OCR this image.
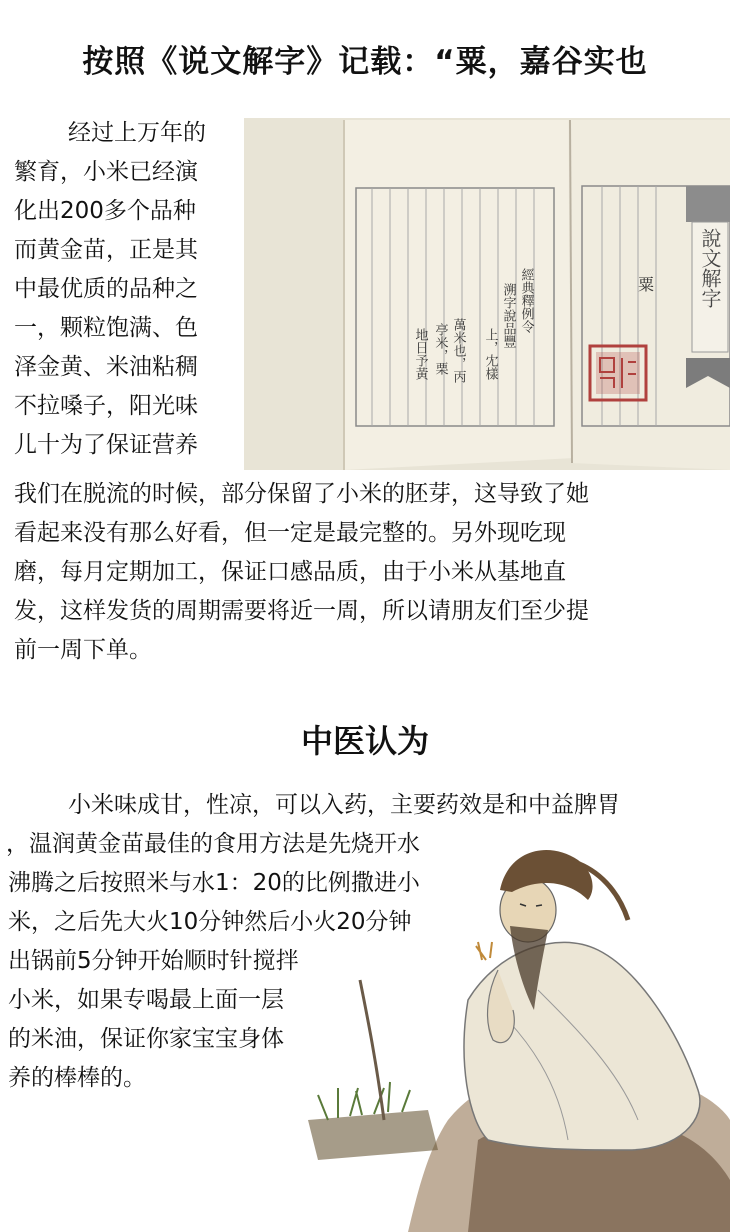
按照《说文解字》记载：“粟，嘉谷实也
經典釋例令
溯字說品豐
上，冘樣
萬米也，丙
亭米，栗
地日予黃
說文解字
粟
经过上万年的
繁育，小米已经演
化出200多个品种
而黄金苗，正是其
中最优质的品种之
一，颗粒饱满、色
泽金黄、米油粘稠
不拉嗓子，阳光味
儿十为了保证营养
我们在脱流的时候，部分保留了小米的胚芽，这导致了她
看起来没有那么好看，但一定是最完整的。另外现吃现
磨，每月定期加工，保证口感品质，由于小米从基地直
发，这样发货的周期需要将近一周，所以请朋友们至少提
前一周下单。
中医认为
小米味成甘，性凉，可以入药，主要药效是和中益脾胃
，温润黄金苗最佳的食用方法是先烧开水
沸腾之后按照米与水1：20的比例撒进小
米，之后先大火10分钟然后小火20分钟
出锅前5分钟开始顺时针搅拌
小米，如果专喝最上面一层
的米油，保证你家宝宝身体
养的棒棒的。
